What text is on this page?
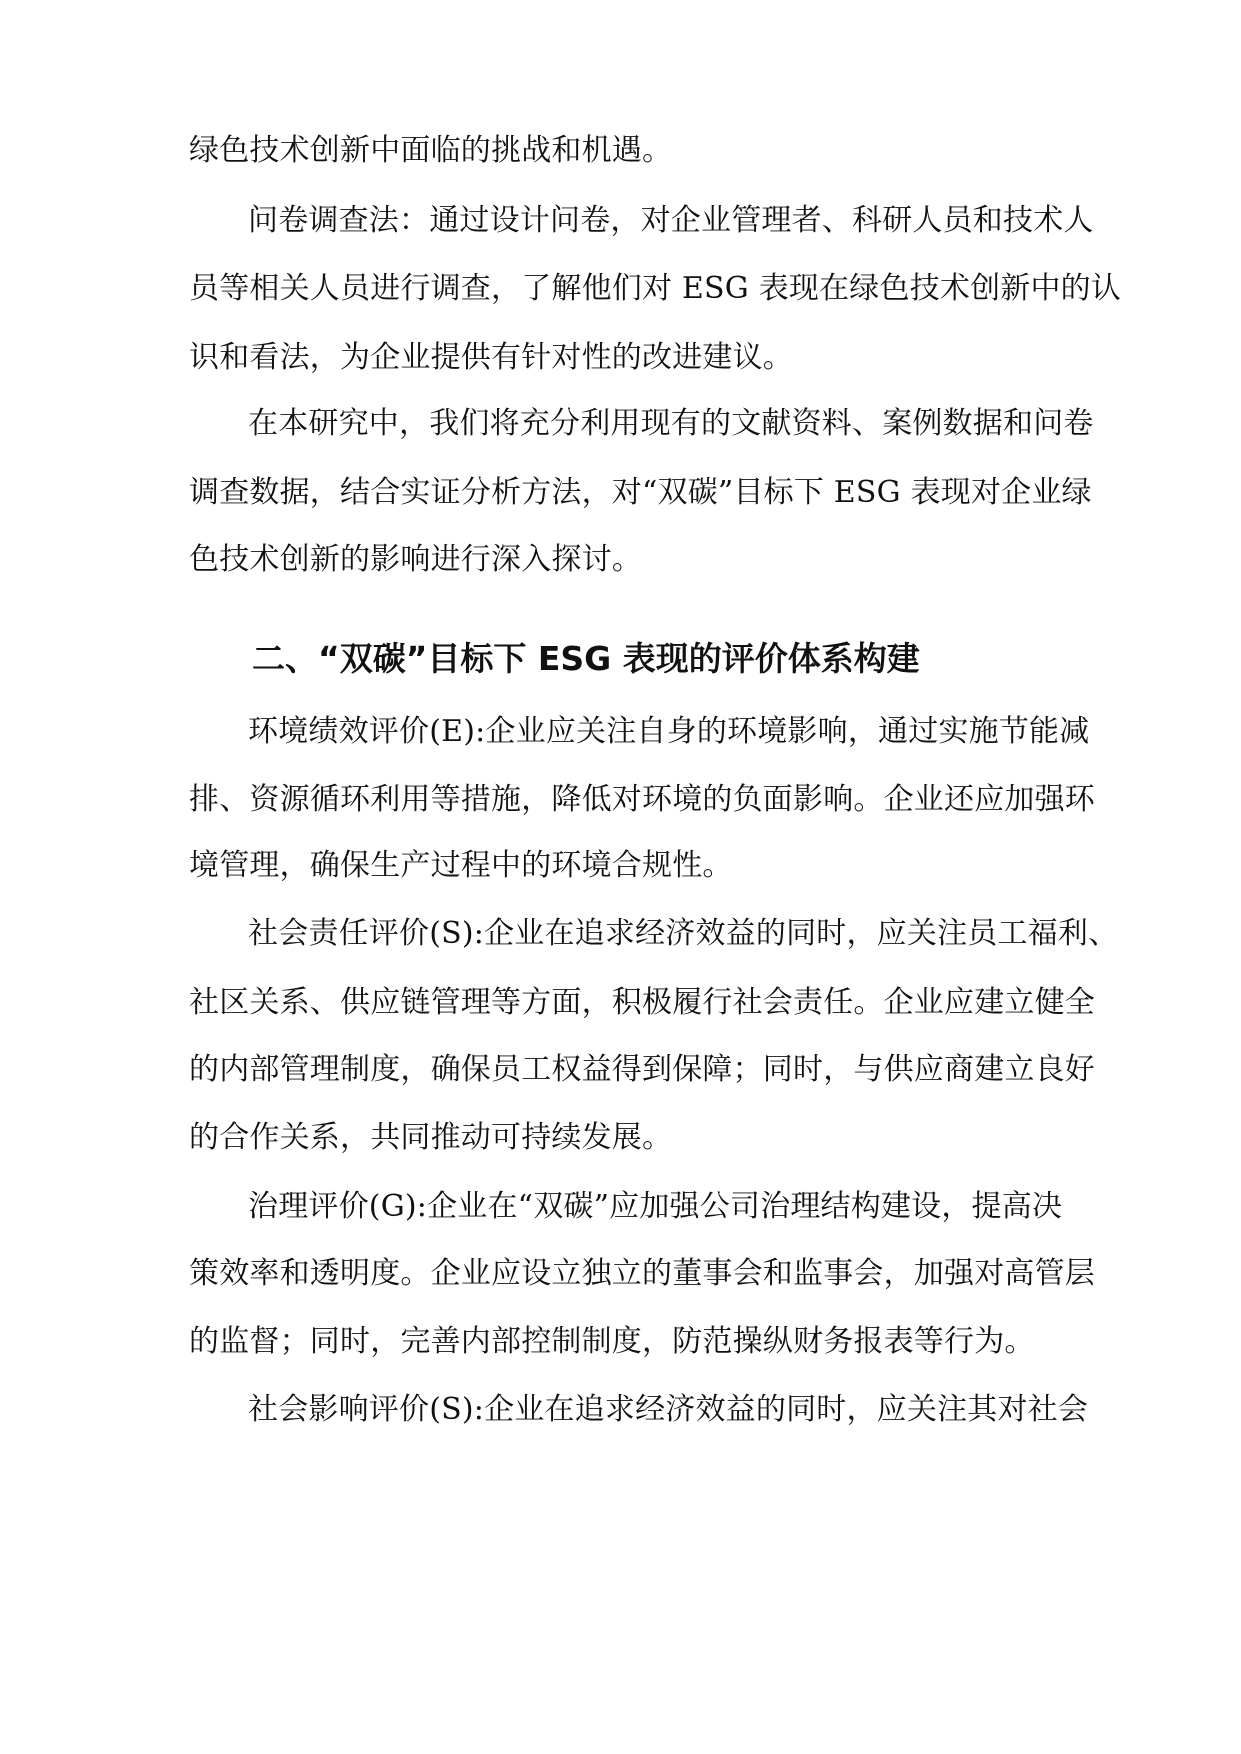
绿色技术创新中面临的挑战和机遇。
问卷调查法：通过设计问卷，对企业管理者、科研人员和技术人
员等相关人员进行调查，了解他们对 ESG 表现在绿色技术创新中的认
识和看法，为企业提供有针对性的改进建议。
在本研究中，我们将充分利用现有的文献资料、案例数据和问卷
调查数据，结合实证分析方法，对“双碳”目标下 ESG 表现对企业绿
色技术创新的影响进行深入探讨。
二、“双碳”目标下 ESG 表现的评价体系构建
环境绩效评价(E):企业应关注自身的环境影响，通过实施节能减
排、资源循环利用等措施，降低对环境的负面影响。企业还应加强环
境管理，确保生产过程中的环境合规性。
社会责任评价(S):企业在追求经济效益的同时，应关注员工福利、
社区关系、供应链管理等方面，积极履行社会责任。企业应建立健全
的内部管理制度，确保员工权益得到保障；同时，与供应商建立良好
的合作关系，共同推动可持续发展。
治理评价(G):企业在“双碳”应加强公司治理结构建设，提高决
策效率和透明度。企业应设立独立的董事会和监事会，加强对高管层
的监督；同时，完善内部控制制度，防范操纵财务报表等行为。
社会影响评价(S):企业在追求经济效益的同时，应关注其对社会
